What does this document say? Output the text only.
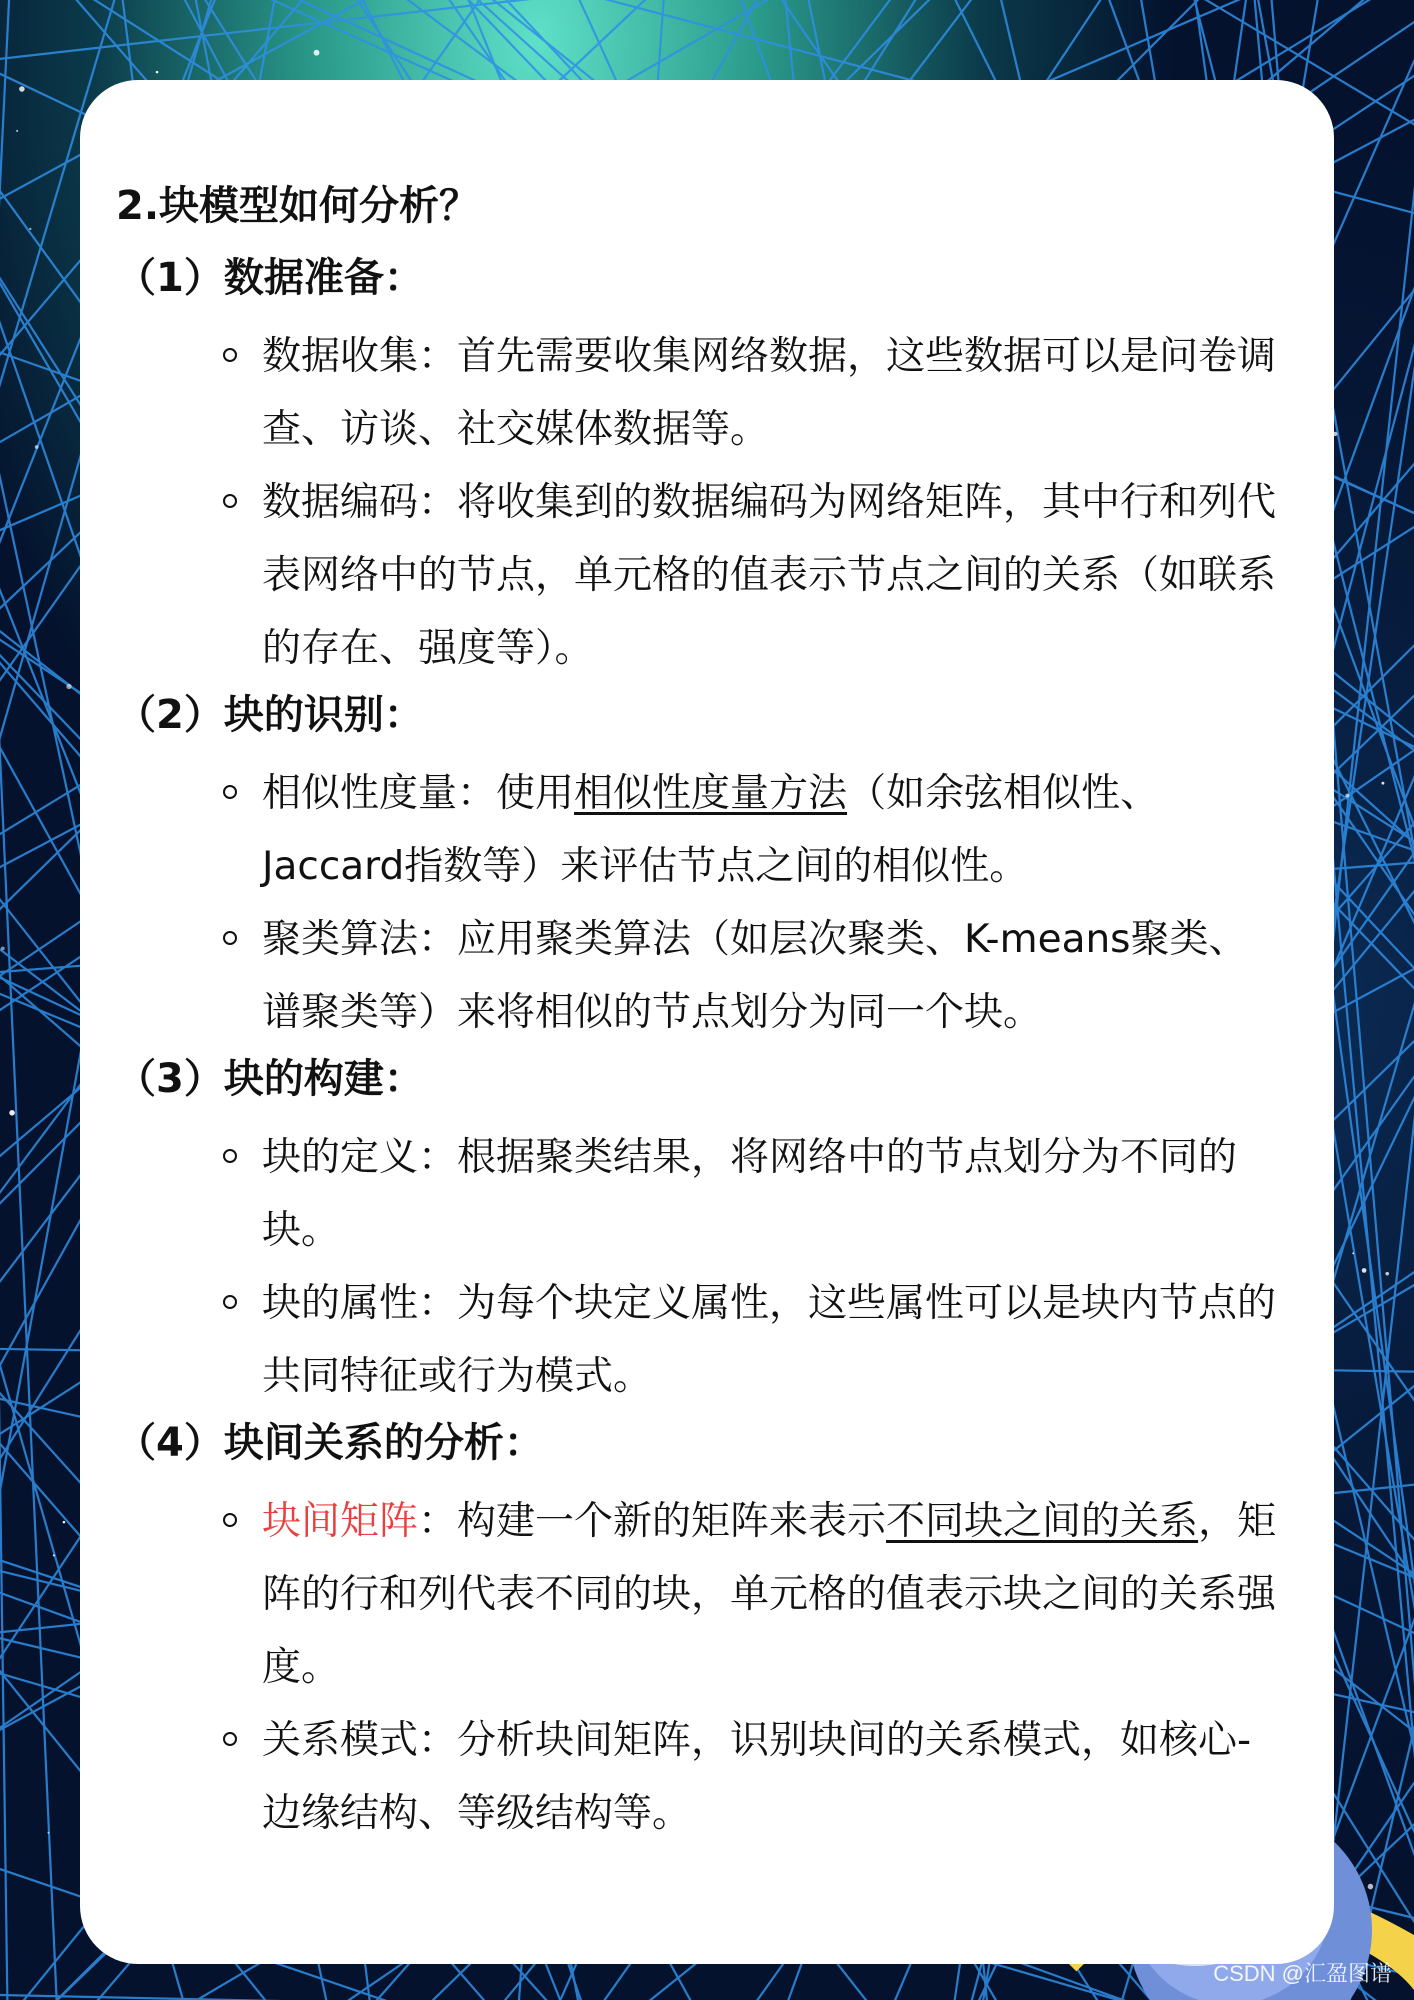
2.块模型如何分析？
（1）数据准备：
数据收集：首先需要收集网络数据，这些数据可以是问卷调查、访谈、社交媒体数据等。
数据编码：将收集到的数据编码为网络矩阵，其中行和列代表网络中的节点，单元格的值表示节点之间的关系（如联系的存在、强度等）。
（2）块的识别：
相似性度量：使用相似性度量方法（如余弦相似性、Jaccard指数等）来评估节点之间的相似性。
聚类算法：应用聚类算法（如层次聚类、K-means聚类、谱聚类等）来将相似的节点划分为同一个块。
（3）块的构建：
块的定义：根据聚类结果，将网络中的节点划分为不同的块。
块的属性：为每个块定义属性，这些属性可以是块内节点的共同特征或行为模式。
（4）块间关系的分析：
块间矩阵：构建一个新的矩阵来表示不同块之间的关系，矩阵的行和列代表不同的块，单元格的值表示块之间的关系强度。
关系模式：分析块间矩阵，识别块间的关系模式，如核心-边缘结构、等级结构等。
CSDN @汇盈图谱
